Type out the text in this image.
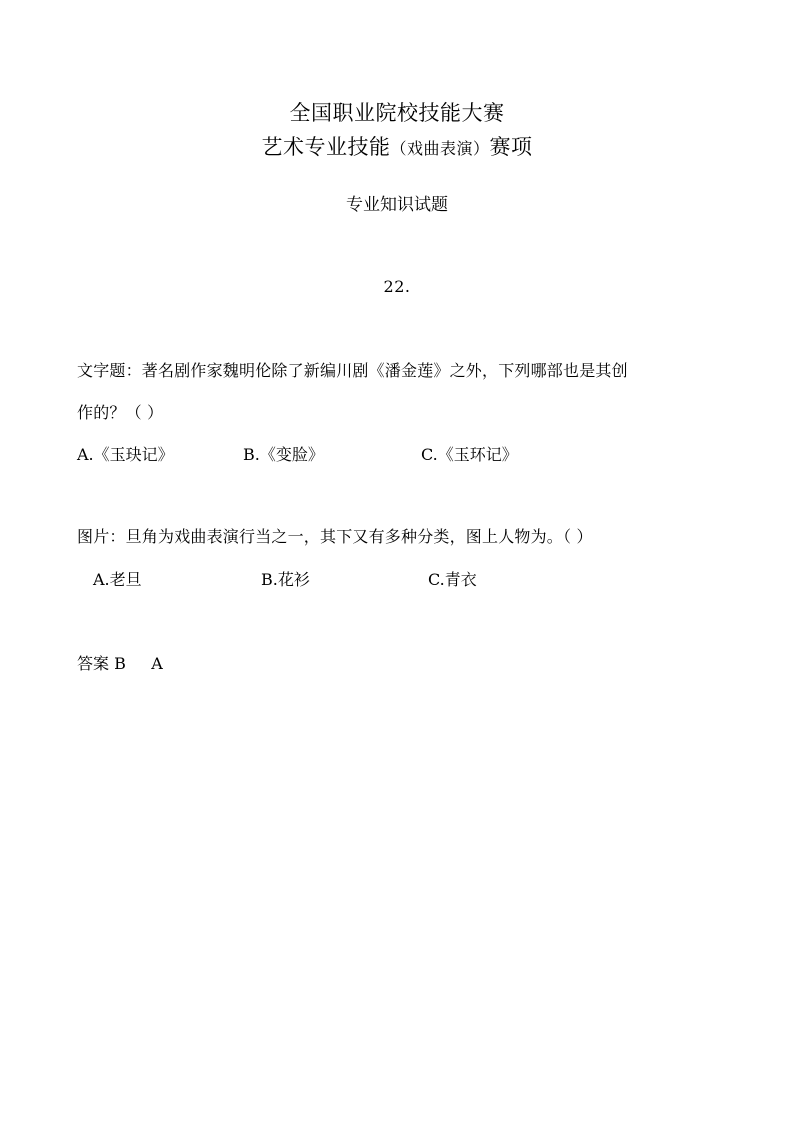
全国职业院校技能大赛
艺术专业技能（戏曲表演）赛项
专业知识试题
22.
文字题：著名剧作家魏明伦除了新编川剧《潘金莲》之外，下列哪部也是其创
作的？（ ）
A.《玉玦记》	B.《变脸》	C.《玉环记》
图片：旦角为戏曲表演行当之一，其下又有多种分类，图上人物为。（ ）
A.老旦	B.花衫	C.青衣
答案 B     A
